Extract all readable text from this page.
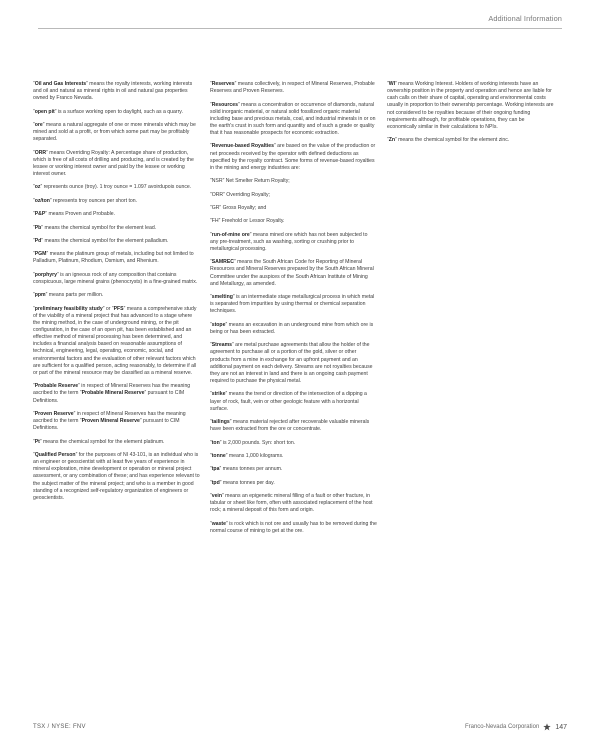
Additional Information

“Oil and Gas Interests” means the royalty interests, working interests and oil and natural as mineral rights in oil and natural gas properties owned by Franco Nevada.

“open pit” is a surface working open to daylight, such as a quarry.

“ore” means a natural aggregate of one or more minerals which may be mined and sold at a profit, or from which some part may be profitably separated.

“ORR” means Overriding Royalty: A percentage share of production, which is free of all costs of drilling and producing, and is created by the lessee or working interest owner and paid by the lessee or working interest owner.

“oz” represents ounce (troy). 1 troy ounce = 1.097 avoirdupois ounce.

“oz/ton” represents troy ounces per short ton.

“P&P” means Proven and Probable.

“Pb” means the chemical symbol for the element lead.

“Pd” means the chemical symbol for the element palladium.

“PGM” means the platinum group of metals, including but not limited to Palladium, Platinum, Rhodium, Osmium, and Rhenium.

“porphyry” is an igneous rock of any composition that contains conspicuous, large mineral grains (phenocrysts) in a fine-grained matrix.

“ppm” means parts per million.

“preliminary feasibility study” or “PFS” means a comprehensive study of the viability of a mineral project that has advanced to a stage where the mining method, in the case of underground mining, or the pit configuration, in the case of an open pit, has been established and an effective method of mineral processing has been determined, and includes a financial analysis based on reasonable assumptions of technical, engineering, legal, operating, economic, social, and environmental factors and the evaluation of other relevant factors which are sufficient for a qualified person, acting reasonably, to determine if all or part of the mineral resource may be classified as a mineral reserve.

“Probable Reserve” in respect of Mineral Reserves has the meaning ascribed to the term “Probable Mineral Reserve” pursuant to CIM Definitions.

“Proven Reserve” in respect of Mineral Reserves has the meaning ascribed to the term “Proven Mineral Reserve” pursuant to CIM Definitions.

“Pt” means the chemical symbol for the element platinum.

“Qualified Person” for the purposes of NI 43-101, is an individual who is an engineer or geoscientist with at least five years of experience in mineral exploration, mine development or operation or mineral project assessment, or any combination of these; and has experience relevant to the subject matter of the mineral project; and who is a member in good standing of a recognized self-regulatory organization of engineers or geoscientists.

“Reserves” means collectively, in respect of Mineral Reserves, Probable Reserves and Proven Reserves.

“Resources” means a concentration or occurrence of diamonds, natural solid inorganic material, or natural solid fossilized organic material including base and precious metals, coal, and industrial minerals in or on the earth's crust in such form and quantity and of such a grade or quality that it has reasonable prospects for economic extraction.

“Revenue-based Royalties” are based on the value of the production or net proceeds received by the operator with defined deductions as specified by the royalty contract. Some forms of revenue-based royalties in the mining and energy industries are:

“NSR” Net Smelter Return Royalty;

“ORR” Overriding Royalty;

“GR” Gross Royalty; and

“FH” Freehold or Lessor Royalty.

“run-of-mine ore” means mined ore which has not been subjected to any pre-treatment, such as washing, sorting or crushing prior to metallurgical processing.

“SAMREC” means the South African Code for Reporting of Mineral Resources and Mineral Reserves prepared by the South African Mineral Committee under the auspices of the South African Institute of Mining and Metallurgy, as amended.

“smelting” is an intermediate stage metallurgical process in which metal is separated from impurities by using thermal or chemical separation techniques.

“stope” means an excavation in an underground mine from which ore is being or has been extracted.

“Streams” are metal purchase agreements that allow the holder of the agreement to purchase all or a portion of the gold, silver or other products from a mine in exchange for an upfront payment and an additional payment on each delivery. Streams are not royalties because they are not an interest in land and there is an ongoing cash payment required to purchase the physical metal.

“strike” means the trend or direction of the intersection of a dipping a layer of rock, fault, vein or other geologic feature with a horizontal surface.

“tailings” means material rejected after recoverable valuable minerals have been extracted from the ore or concentrate.

“ton” is 2,000 pounds. Syn: short ton.

“tonne” means 1,000 kilograms.

“tpa” means tonnes per annum.

“tpd” means tonnes per day.

“vein” means an epigenetic mineral filling of a fault or other fracture, in tabular or sheet like form, often with associated replacement of the host rock; a mineral deposit of this form and origin.

“waste” is rock which is not ore and usually has to be removed during the normal course of mining to get at the ore.

“WI” means Working Interest. Holders of working interests have an ownership position in the property and operation and hence are liable for cash calls on their share of capital, operating and environmental costs usually in proportion to their ownership percentage. Working interests are not considered to be royalties because of their ongoing funding requirements although, for profitable operations, they can be economically similar in their calculations to NPIs.

“Zn” means the chemical symbol for the element zinc.

TSX / NYSE: FNV	Franco-Nevada Corporation 147
